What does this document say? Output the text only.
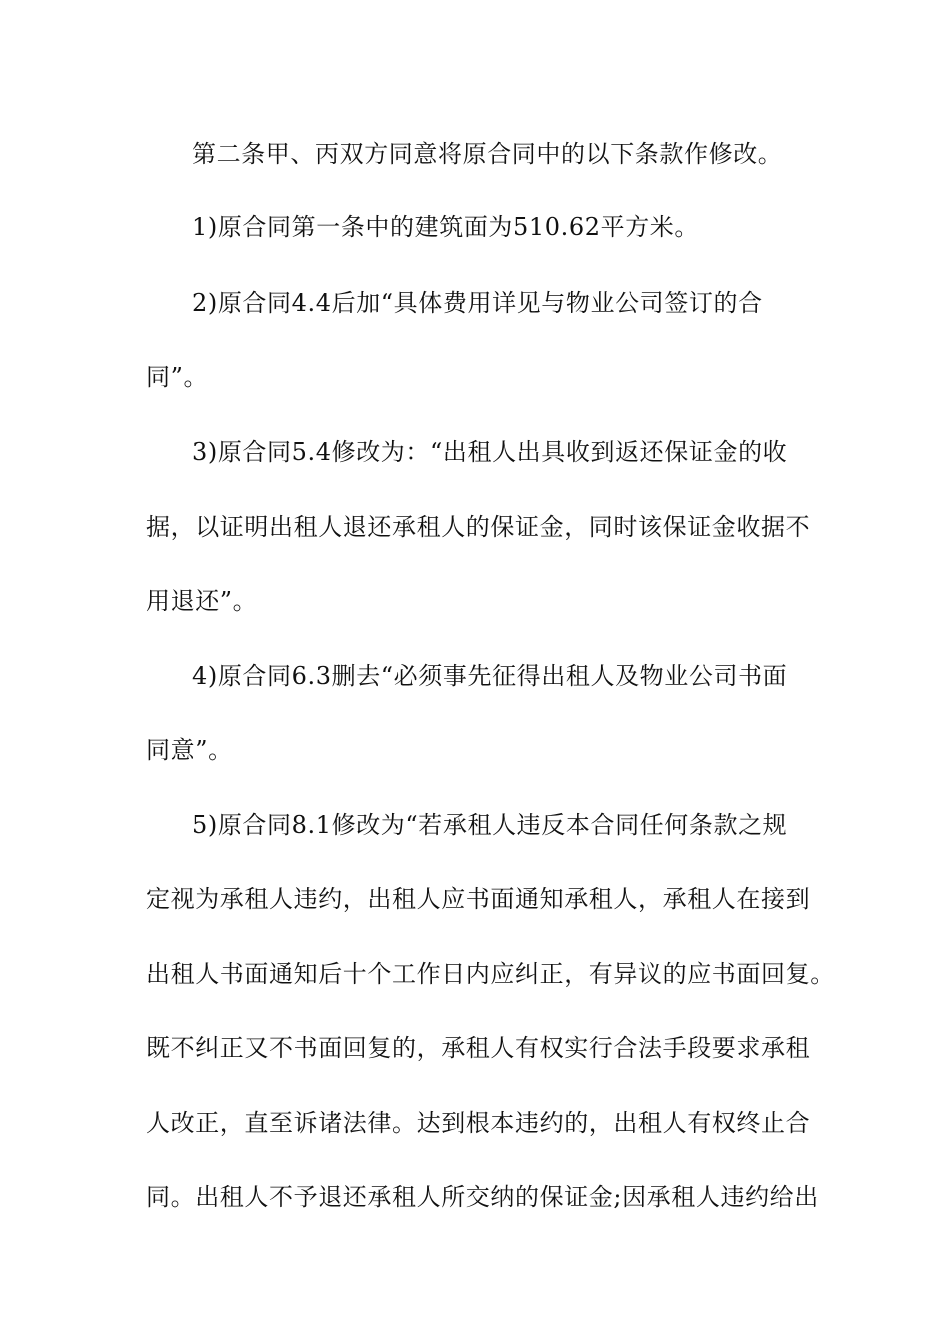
第二条甲、丙双方同意将原合同中的以下条款作修改。
1)原合同第一条中的建筑面为510.62平方米。
2)原合同4.4后加“具体费用详见与物业公司签订的合
同”。
3)原合同5.4修改为：“出租人出具收到返还保证金的收
据，以证明出租人退还承租人的保证金，同时该保证金收据不
用退还”。
4)原合同6.3删去“必须事先征得出租人及物业公司书面
同意”。
5)原合同8.1修改为“若承租人违反本合同任何条款之规
定视为承租人违约，出租人应书面通知承租人，承租人在接到
出租人书面通知后十个工作日内应纠正，有异议的应书面回复。
既不纠正又不书面回复的，承租人有权实行合法手段要求承租
人改正，直至诉诸法律。达到根本违约的，出租人有权终止合
同。出租人不予退还承租人所交纳的保证金;因承租人违约给出
